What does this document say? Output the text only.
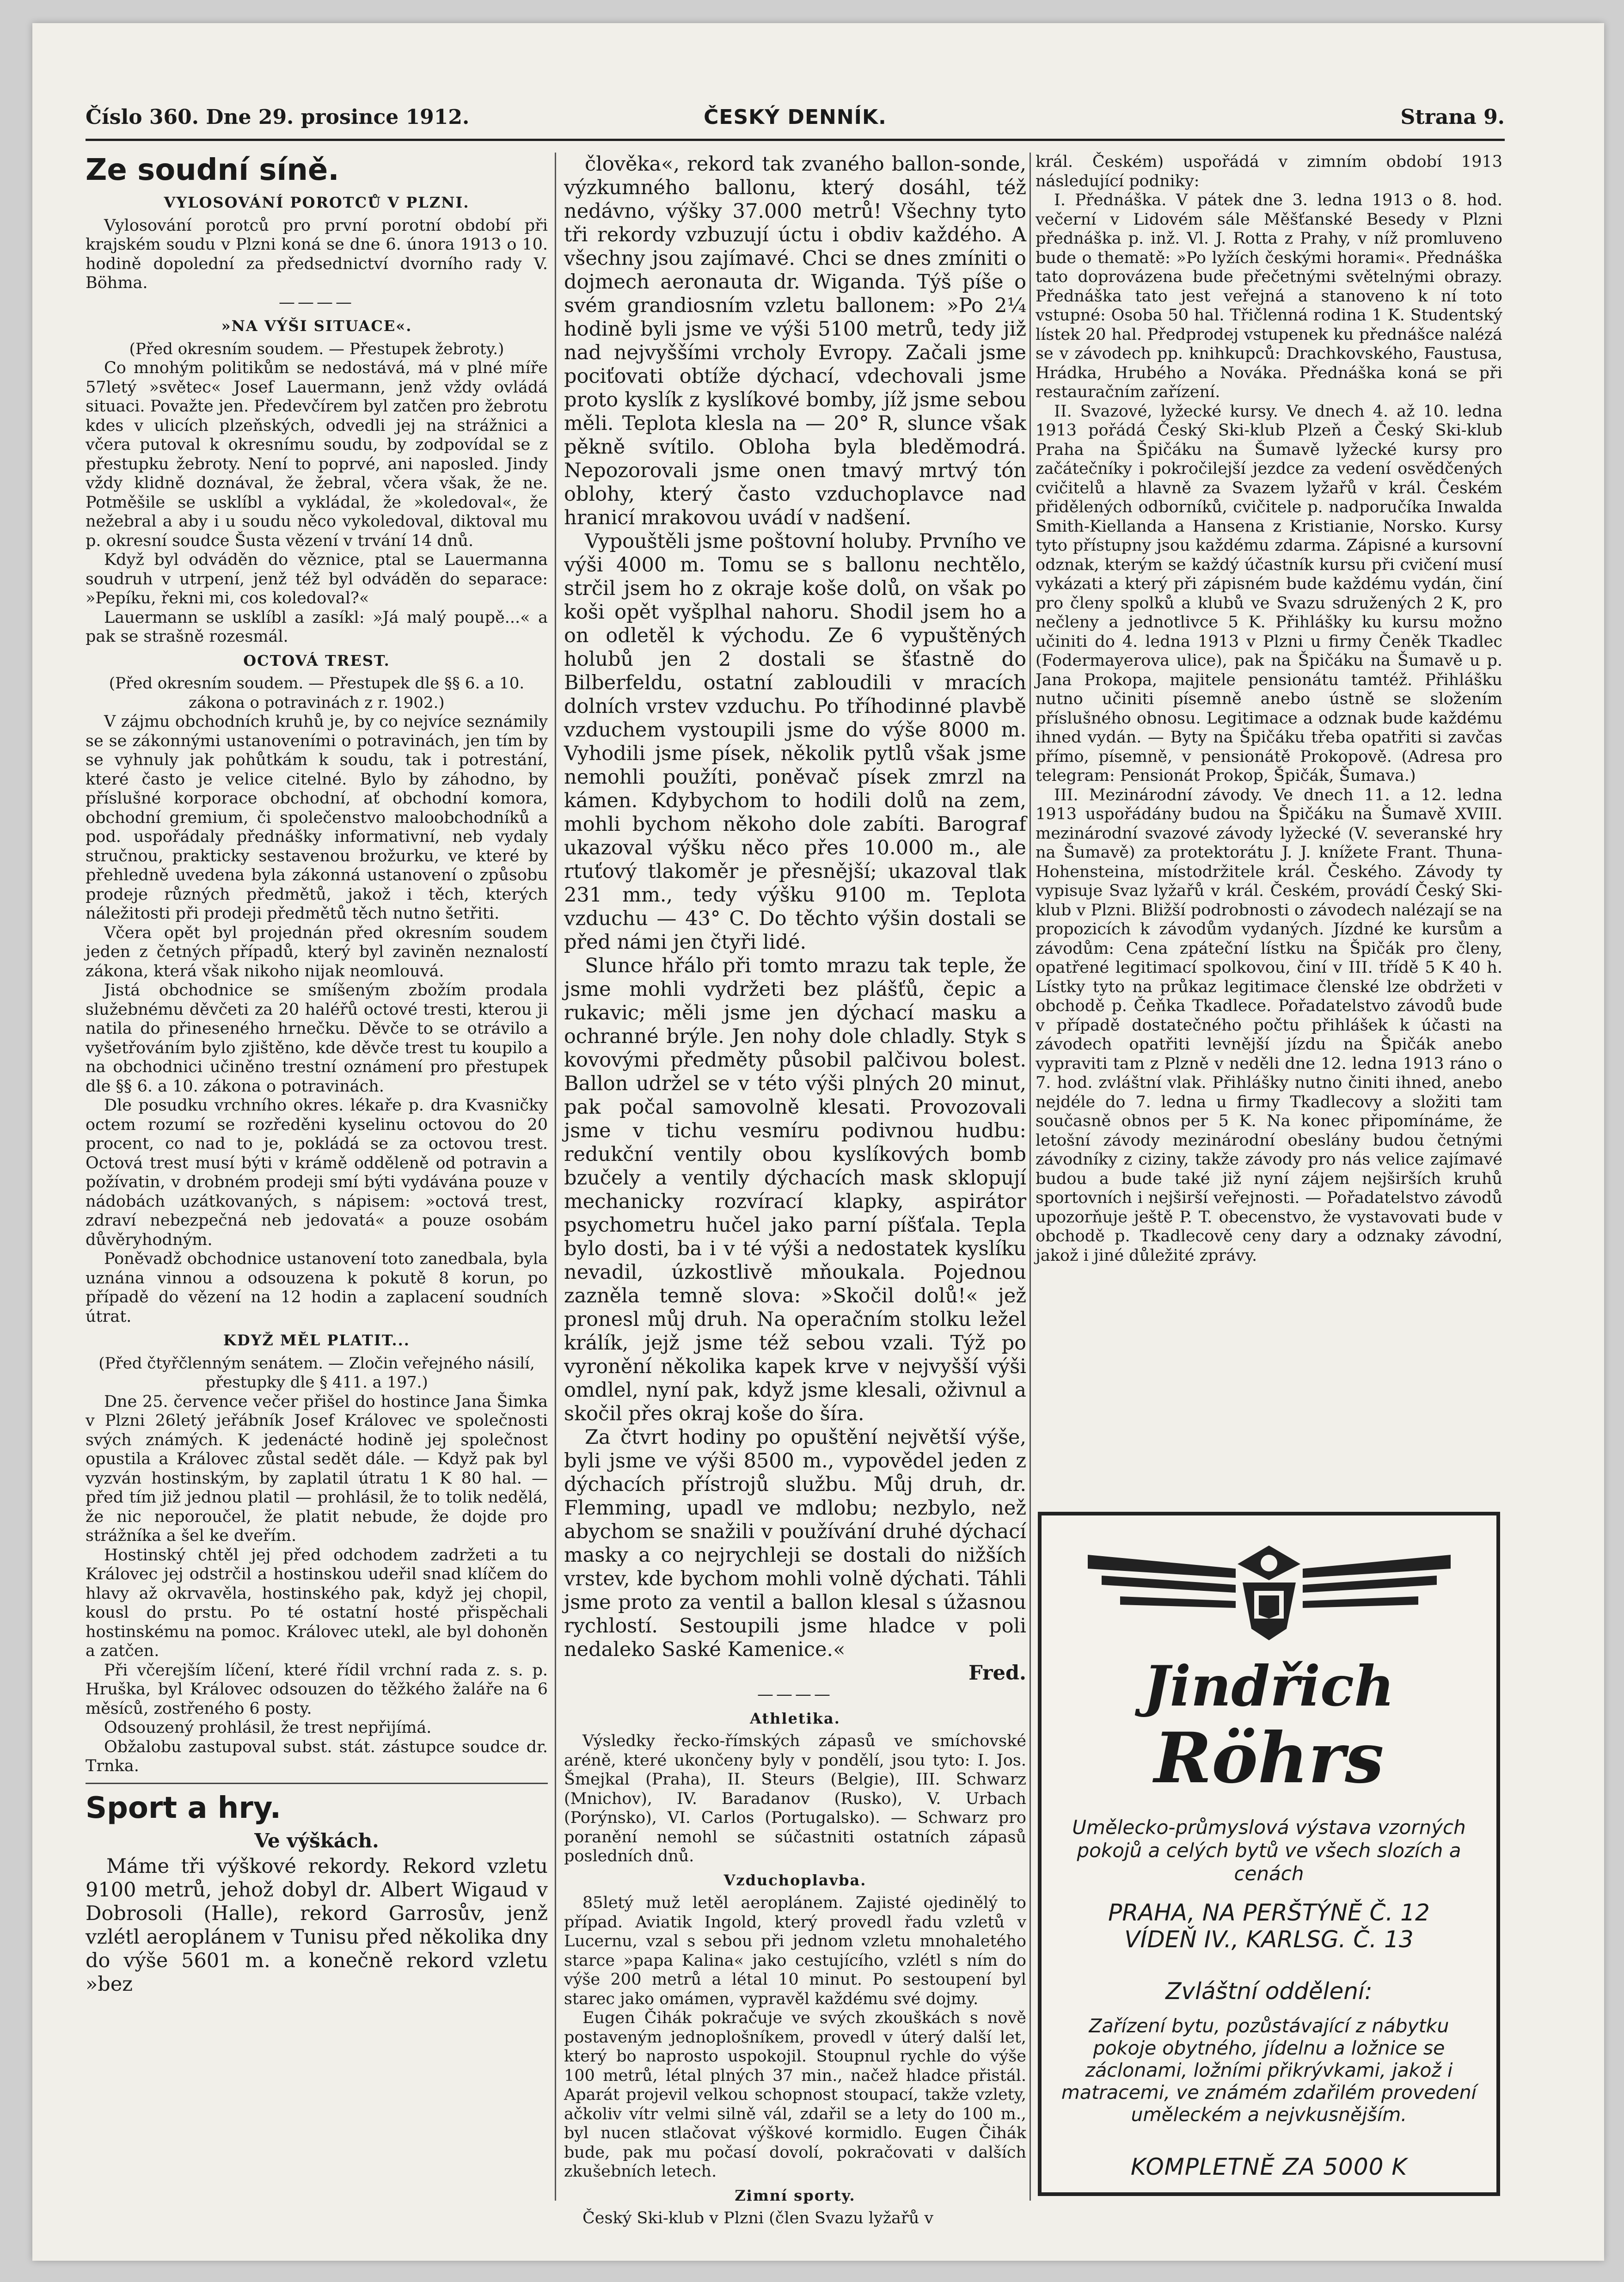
Číslo 360. Dne 29. prosince 1912.	ČESKÝ DENNÍK.	Strana 9.
Ze soudní síně.

VYLOSOVÁNÍ POROTCŮ V PLZNI.

Vylosování porotců pro první porotní období při krajském soudu v Plzni koná se dne 6. února 1913 o 10. hodině dopolední za předsednictví dvorního rady V. Böhma.

————

»NA VÝŠI SITUACE«.

(Před okresním soudem. — Přestupek žebroty.)

Co mnohým politikům se nedostává, má v plné míře 57letý »světec« Josef Lauermann, jenž vždy ovládá situaci. Považte jen. Předevčírem byl zatčen pro žebrotu kdes v ulicích plzeňských, odvedli jej na strážnici a včera putoval k okresnímu soudu, by zodpovídal se z přestupku žebroty. Není to poprvé, ani naposled. Jindy vždy klidně doznával, že žebral, včera však, že ne. Potměšile se usklíbl a vykládal, že »koledoval«, že nežebral a aby i u soudu něco vykoledoval, diktoval mu p. okresní soudce Šusta vězení v trvání 14 dnů.

Když byl odváděn do věznice, ptal se Lauermanna soudruh v utrpení, jenž též byl odváděn do separace: »Pepíku, řekni mi, cos koledoval?«

Lauermann se usklíbl a zasíkl: »Já malý poupě...« a pak se strašně rozesmál.

OCTOVÁ TREST.

(Před okresním soudem. — Přestupek dle §§ 6. a 10. zákona o potravinách z r. 1902.)

V zájmu obchodních kruhů je, by co nejvíce seznámily se se zákonnými ustanoveními o potravinách, jen tím by se vyhnuly jak pohůtkám k soudu, tak i potrestání, které často je velice citelné. Bylo by záhodno, by příslušné korporace obchodní, ať obchodní komora, obchodní gremium, či společenstvo maloobchodníků a pod. uspořádaly přednášky informativní, neb vydaly stručnou, prakticky sestavenou brožurku, ve které by přehledně uvedena byla zákonná ustanovení o způsobu prodeje různých předmětů, jakož i těch, kterých náležitosti při prodeji předmětů těch nutno šetřiti.

Včera opět byl projednán před okresním soudem jeden z četných případů, který byl zaviněn neznalostí zákona, která však nikoho nijak neomlouvá.

Jistá obchodnice se smíšeným zbožím prodala služebnému děvčeti za 20 haléřů octové tresti, kterou ji natila do přineseného hrnečku. Děvče to se otrávilo a vyšetřováním bylo zjištěno, kde děvče trest tu koupilo a na obchodnici učiněno trestní oznámení pro přestupek dle §§ 6. a 10. zákona o potravinách.

Dle posudku vrchního okres. lékaře p. dra Kvasničky octem rozumí se rozředěni kyselinu octovou do 20 procent, co nad to je, pokládá se za octovou trest. Octová trest musí býti v krámě odděleně od potravin a požívatin, v drobném prodeji smí býti vydávána pouze v nádobách uzátkovaných, s nápisem: »octová trest, zdraví nebezpečná neb jedovatá« a pouze osobám důvěryhodným.

Poněvadž obchodnice ustanovení toto zanedbala, byla uznána vinnou a odsouzena k pokutě 8 korun, po případě do vězení na 12 hodin a zaplacení soudních útrat.

KDYŽ MĚL PLATIT...

(Před čtyřčlenným senátem. — Zločin veřejného násilí, přestupky dle § 411. a 197.)

Dne 25. července večer přišel do hostince Jana Šimka v Plzni 26letý jeřábník Josef Královec ve společnosti svých známých. K jedenácté hodině jej společnost opustila a Královec zůstal sedět dále. — Když pak byl vyzván hostinským, by zaplatil útratu 1 K 80 hal. — před tím již jednou platil — prohlásil, že to tolik nedělá, že nic neporoučel, že platit nebude, že dojde pro strážníka a šel ke dveřím.

Hostinský chtěl jej před odchodem zadržeti a tu Královec jej odstrčil a hostinskou udeřil snad klíčem do hlavy až okrvavěla, hostinského pak, když jej chopil, kousl do prstu. Po té ostatní hosté přispěchali hostinskému na pomoc. Královec utekl, ale byl dohoněn a zatčen.

Při včerejším líčení, které řídil vrchní rada z. s. p. Hruška, byl Královec odsouzen do těžkého žaláře na 6 měsíců, zostřeného 6 posty.

Odsouzený prohlásil, že trest nepřijímá.

Obžalobu zastupoval subst. stát. zástupce soudce dr. Trnka.

Sport a hry.

Ve výškách.

Máme tři výškové rekordy. Rekord vzletu 9100 metrů, jehož dobyl dr. Albert Wigaud v Dobrosoli (Halle), rekord Garrosův, jenž vzlétl aeroplánem v Tunisu před několika dny do výše 5601 m. a konečně rekord vzletu »bez

člověka«, rekord tak zvaného ballon-sonde, výzkumného ballonu, který dosáhl, též nedávno, výšky 37.000 metrů! Všechny tyto tři rekordy vzbuzují úctu i obdiv každého. A všechny jsou zajímavé. Chci se dnes zmíniti o dojmech aeronauta dr. Wiganda. Týš píše o svém grandiosním vzletu ballonem: »Po 2¼ hodině byli jsme ve výši 5100 metrů, tedy již nad nejvyššími vrcholy Evropy. Začali jsme pociťovati obtíže dýchací, vdechovali jsme proto kyslík z kyslíkové bomby, jíž jsme sebou měli. Teplota klesla na — 20° R, slunce však pěkně svítilo. Obloha byla bleděmodrá. Nepozorovali jsme onen tmavý mrtvý tón oblohy, který často vzduchoplavce nad hranicí mrakovou uvádí v nadšení.

Vypouštěli jsme poštovní holuby. Prvního ve výši 4000 m. Tomu se s ballonu nechtělo, strčil jsem ho z okraje koše dolů, on však po koši opět vyšplhal nahoru. Shodil jsem ho a on odletěl k východu. Ze 6 vypuštěných holubů jen 2 dostali se šťastně do Bilberfeldu, ostatní zabloudili v mracích dolních vrstev vzduchu. Po tříhodinné plavbě vzduchem vystoupili jsme do výše 8000 m. Vyhodili jsme písek, několik pytlů však jsme nemohli použíti, poněvač písek zmrzl na kámen. Kdybychom to hodili dolů na zem, mohli bychom někoho dole zabíti. Barograf ukazoval výšku něco přes 10.000 m., ale rtuťový tlakoměr je přesnější; ukazoval tlak 231 mm., tedy výšku 9100 m. Teplota vzduchu — 43° C. Do těchto výšin dostali se před námi jen čtyři lidé.

Slunce hřálo při tomto mrazu tak teple, že jsme mohli vydržeti bez plášťů, čepic a rukavic; měli jsme jen dýchací masku a ochranné brýle. Jen nohy dole chladly. Styk s kovovými předměty působil palčivou bolest. Ballon udržel se v této výši plných 20 minut, pak počal samovolně klesati. Provozovali jsme v tichu vesmíru podivnou hudbu: redukční ventily obou kyslíkových bomb bzučely a ventily dýchacích mask sklopují mechanicky rozvírací klapky, aspirátor psychometru hučel jako parní píšťala. Tepla bylo dosti, ba i v té výši a nedostatek kyslíku nevadil, úzkostlivě mňoukala. Pojednou zazněla temně slova: »Skočil dolů!« jež pronesl můj druh. Na operačním stolku ležel králík, jejž jsme též sebou vzali. Týž po vyronění několika kapek krve v nejvyšší výši omdlel, nyní pak, když jsme klesali, oživnul a skočil přes okraj koše do šíra.

Za čtvrt hodiny po opuštění největší výše, byli jsme ve výši 8500 m., vypovědel jeden z dýchacích přístrojů službu. Můj druh, dr. Flemming, upadl ve mdlobu; nezbylo, než abychom se snažili v používání druhé dýchací masky a co nejrychleji se dostali do nižších vrstev, kde bychom mohli volně dýchati. Táhli jsme proto za ventil a ballon klesal s úžasnou rychlostí. Sestoupili jsme hladce v poli nedaleko Saské Kamenice.«

Fred.

————

Athletika.

Výsledky řecko-římských zápasů ve smíchovské aréně, které ukončeny byly v pondělí, jsou tyto: I. Jos. Šmejkal (Praha), II. Steurs (Belgie), III. Schwarz (Mnichov), IV. Baradanov (Rusko), V. Urbach (Porýnsko), VI. Carlos (Portugalsko). — Schwarz pro poranění nemohl se súčastniti ostatních zápasů posledních dnů.

Vzduchoplavba.

85letý muž letěl aeroplánem. Zajisté ojedinělý to případ. Aviatik Ingold, který provedl řadu vzletů v Lucernu, vzal s sebou při jednom vzletu mnohaletého starce »papa Kalina« jako cestujícího, vzlétl s ním do výše 200 metrů a létal 10 minut. Po sestoupení byl starec jako omámen, vypravěl každému své dojmy.

Eugen Čihák pokračuje ve svých zkouškách s nově postaveným jednoplošníkem, provedl v úterý další let, který bo naprosto uspokojil. Stoupnul rychle do výše 100 metrů, létal plných 37 min., načež hladce přistál. Aparát projevil velkou schopnost stoupací, takže vzlety, ačkoliv vítr velmi silně vál, zdařil se a lety do 100 m., byl nucen stlačovat výškové kormidlo. Eugen Čihák bude, pak mu počasí dovolí, pokračovati v dalších zkušebních letech.

Zimní sporty.

Český Ski-klub v Plzni (člen Svazu lyžařů v

král. Českém) uspořádá v zimním období 1913 následující podniky:

I. Přednáška. V pátek dne 3. ledna 1913 o 8. hod. večerní v Lidovém sále Měšťanské Besedy v Plzni přednáška p. inž. Vl. J. Rotta z Prahy, v níž promluveno bude o thematě: »Po lyžích českými horami«. Přednáška tato doprovázena bude přečetnými světelnými obrazy. Přednáška tato jest veřejná a stanoveno k ní toto vstupné: Osoba 50 hal. Třičlenná rodina 1 K. Studentský lístek 20 hal. Předprodej vstupenek ku přednášce nalézá se v závodech pp. knihkupců: Drachkovského, Faustusa, Hrádka, Hrubého a Nováka. Přednáška koná se při restauračním zařízení.

II. Svazové, lyžecké kursy. Ve dnech 4. až 10. ledna 1913 pořádá Český Ski-klub Plzeň a Český Ski-klub Praha na Špičáku na Šumavě lyžecké kursy pro začátečníky i pokročilejší jezdce za vedení osvědčených cvičitelů a hlavně za Svazem lyžařů v král. Českém přidělených odborníků, cvičitele p. nadporučíka Inwalda Smith-Kiellanda a Hansena z Kristianie, Norsko. Kursy tyto přístupny jsou každému zdarma. Zápisné a kursovní odznak, kterým se každý účastník kursu při cvičení musí vykázati a který při zápisném bude každému vydán, činí pro členy spolků a klubů ve Svazu sdružených 2 K, pro nečleny a jednotlivce 5 K. Přihlášky ku kursu možno učiniti do 4. ledna 1913 v Plzni u firmy Čeněk Tkadlec (Fodermayerova ulice), pak na Špičáku na Šumavě u p. Jana Prokopa, majitele pensionátu tamtéž. Přihlášku nutno učiniti písemně anebo ústně se složením příslušného obnosu. Legitimace a odznak bude každému ihned vydán. — Byty na Špičáku třeba opatřiti si zavčas přímo, písemně, v pensionátě Prokopově. (Adresa pro telegram: Pensionát Prokop, Špičák, Šumava.)

III. Mezinárodní závody. Ve dnech 11. a 12. ledna 1913 uspořádány budou na Špičáku na Šumavě XVIII. mezinárodní svazové závody lyžecké (V. severanské hry na Šumavě) za protektorátu J. J. knížete Frant. Thuna-Hohensteina, místodržitele král. Českého. Závody ty vypisuje Svaz lyžařů v král. Českém, provádí Český Ski-klub v Plzni. Bližší podrobnosti o závodech nalézají se na propozicích k závodům vydaných. Jízdné ke kursům a závodům: Cena zpáteční lístku na Špičák pro členy, opatřené legitimací spolkovou, činí v III. třídě 5 K 40 h. Lístky tyto na průkaz legitimace členské lze obdržeti v obchodě p. Čeňka Tkadlece. Pořadatelstvo závodů bude v případě dostatečného počtu přihlášek k účasti na závodech opatřiti levnější jízdu na Špičák anebo vypraviti tam z Plzně v neděli dne 12. ledna 1913 ráno o 7. hod. zvláštní vlak. Přihlášky nutno činiti ihned, anebo nejdéle do 7. ledna u firmy Tkadlecovy a složiti tam současně obnos per 5 K. Na konec připomínáme, že letošní závody mezinárodní obeslány budou četnými závodníky z ciziny, takže závody pro nás velice zajímavé budou a bude také již nyní zájem nejširších kruhů sportovních i nejširší veřejnosti. — Pořadatelstvo závodů upozorňuje ještě P. T. obecenstvo, že vystavovati bude v obchodě p. Tkadlecově ceny dary a odznaky závodní, jakož i jiné důležité zprávy.

Jindřich
Röhrs
Umělecko-průmyslová výstava vzorných pokojů a celých bytů ve všech slozích a cenách
PRAHA, NA PERŠTÝNĚ Č. 12
VÍDEŇ IV., KARLSG. Č. 13
Zvláštní oddělení:
Zařízení bytu, pozůstávající z nábytku pokoje obytného, jídelnu a ložnice se záclonami, ložními přikrývkami, jakož i matracemi, ve známém zdařilém provedení uměleckém a nejvkusnějším.
KOMPLETNĚ ZA 5000 K
